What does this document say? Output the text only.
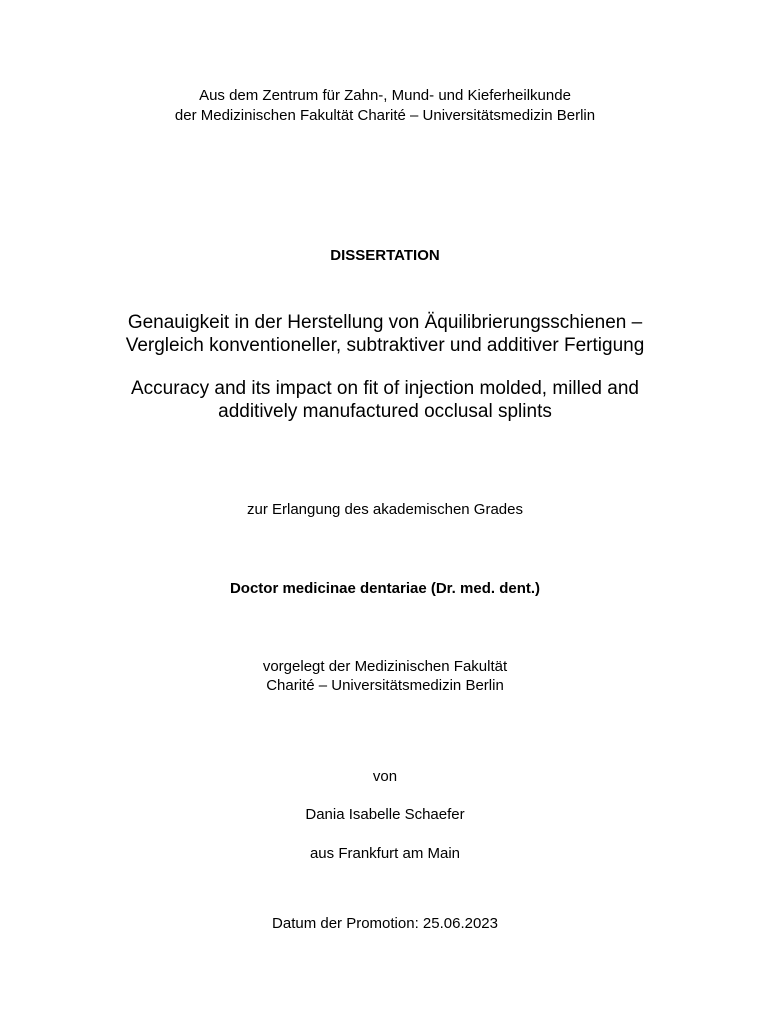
Aus dem Zentrum für Zahn-, Mund- und Kieferheilkunde

der Medizinischen Fakultät Charité – Universitätsmedizin Berlin

DISSERTATION

Genauigkeit in der Herstellung von Äquilibrierungsschienen –

Vergleich konventioneller, subtraktiver und additiver Fertigung

Accuracy and its impact on fit of injection molded, milled and

additively manufactured occlusal splints

zur Erlangung des akademischen Grades

Doctor medicinae dentariae (Dr. med. dent.)

vorgelegt der Medizinischen Fakultät

Charité – Universitätsmedizin Berlin

von

Dania Isabelle Schaefer

aus Frankfurt am Main

Datum der Promotion: 25.06.2023
